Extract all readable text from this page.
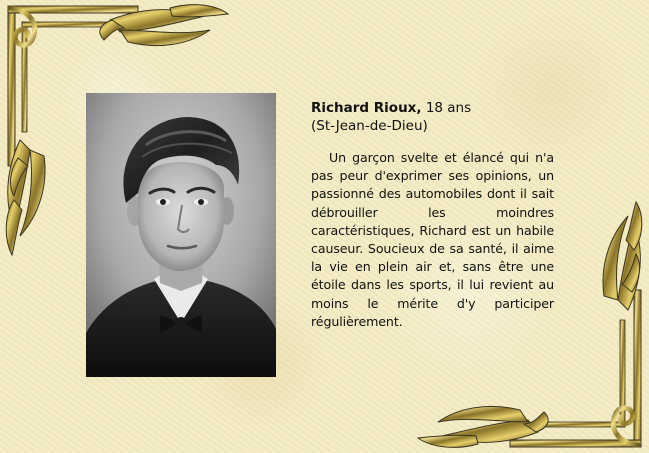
Richard Rioux, 18 ans

(St-Jean-de-Dieu)

Un garçon svelte et élancé qui n'a pas peur d'exprimer ses opinions, un passionné des automobiles dont il sait débrouiller les moindres caractéristiques, Richard est un habile causeur. Soucieux de sa santé, il aime la vie en plein air et, sans être une étoile dans les sports, il lui revient au moins le mérite d'y participer régulièrement.
